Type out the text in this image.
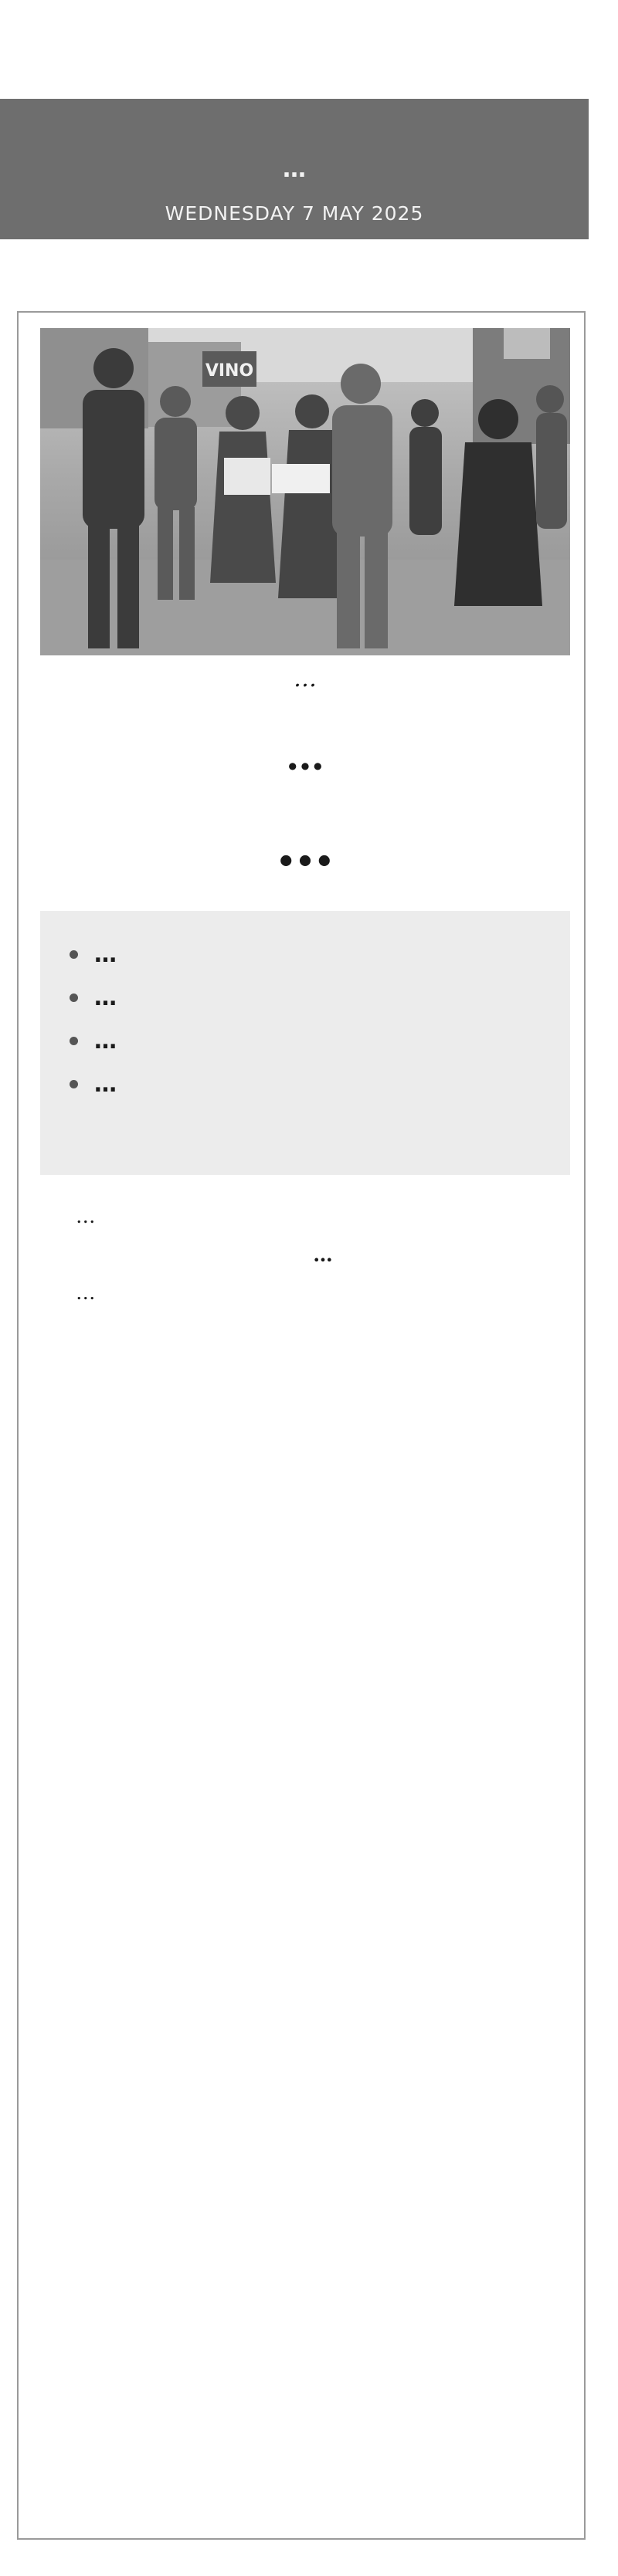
…
WEDNESDAY 7 MAY 2025
VINO
…
…
…
…
…
…
…

…

…

…
